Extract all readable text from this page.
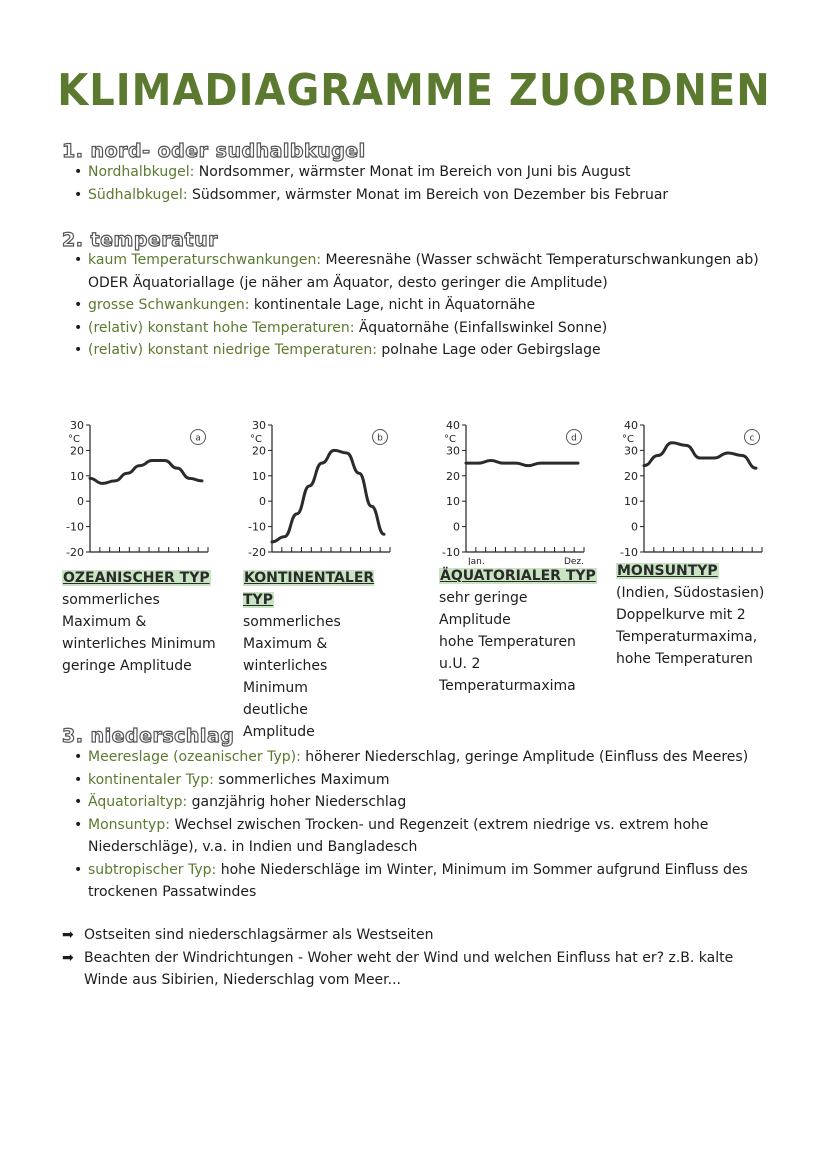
KLIMADIAGRAMME ZUORDNEN
1. nord- oder sudhalbkugel
• Nordhalbkugel: Nordsommer, wärmster Monat im Bereich von Juni bis August
• Südhalbkugel: Südsommer, wärmster Monat im Bereich von Dezember bis Februar
2. temperatur
• kaum Temperaturschwankungen: Meeresnähe (Wasser schwächt Temperaturschwankungen ab)
ODER Äquatoriallage (je näher am Äquator, desto geringer die Amplitude)
• grosse Schwankungen: kontinentale Lage, nicht in Äquatornähe
• (relativ) konstant hohe Temperaturen: Äquatornähe (Einfallswinkel Sonne)
• (relativ) konstant niedrige Temperaturen: polnahe Lage oder Gebirgslage
30
20
10
0
-10
-20
°C	a
30
20
10
0
-10
-20
°C	b
40
30
20
10
0
-10
°C
Jan.	Dez.
d
40
30
20
10
0
-10
°C	c
OZEANISCHER TYP
sommerliches
Maximum &
winterliches Minimum
geringe Amplitude
KONTINENTALER TYP
sommerliches
Maximum &
winterliches Minimum
deutliche Amplitude
ÄQUATORIALER TYP
sehr geringe
Amplitude
hohe Temperaturen
u.U. 2
Temperaturmaxima
MONSUNTYP
(Indien, Südostasien)
Doppelkurve mit 2
Temperaturmaxima,
hohe Temperaturen
3. niederschlag
• Meereslage (ozeanischer Typ): höherer Niederschlag, geringe Amplitude (Einfluss des Meeres)
• kontinentaler Typ: sommerliches Maximum
• Äquatorialtyp: ganzjährig hoher Niederschlag
• Monsuntyp: Wechsel zwischen Trocken- und Regenzeit (extrem niedrige vs. extrem hohe
Niederschläge), v.a. in Indien und Bangladesch
• subtropischer Typ: hohe Niederschläge im Winter, Minimum im Sommer aufgrund Einfluss des
trockenen Passatwindes
➡ Ostseiten sind niederschlagsärmer als Westseiten
➡ Beachten der Windrichtungen - Woher weht der Wind und welchen Einfluss hat er? z.B. kalte
Winde aus Sibirien, Niederschlag vom Meer...
